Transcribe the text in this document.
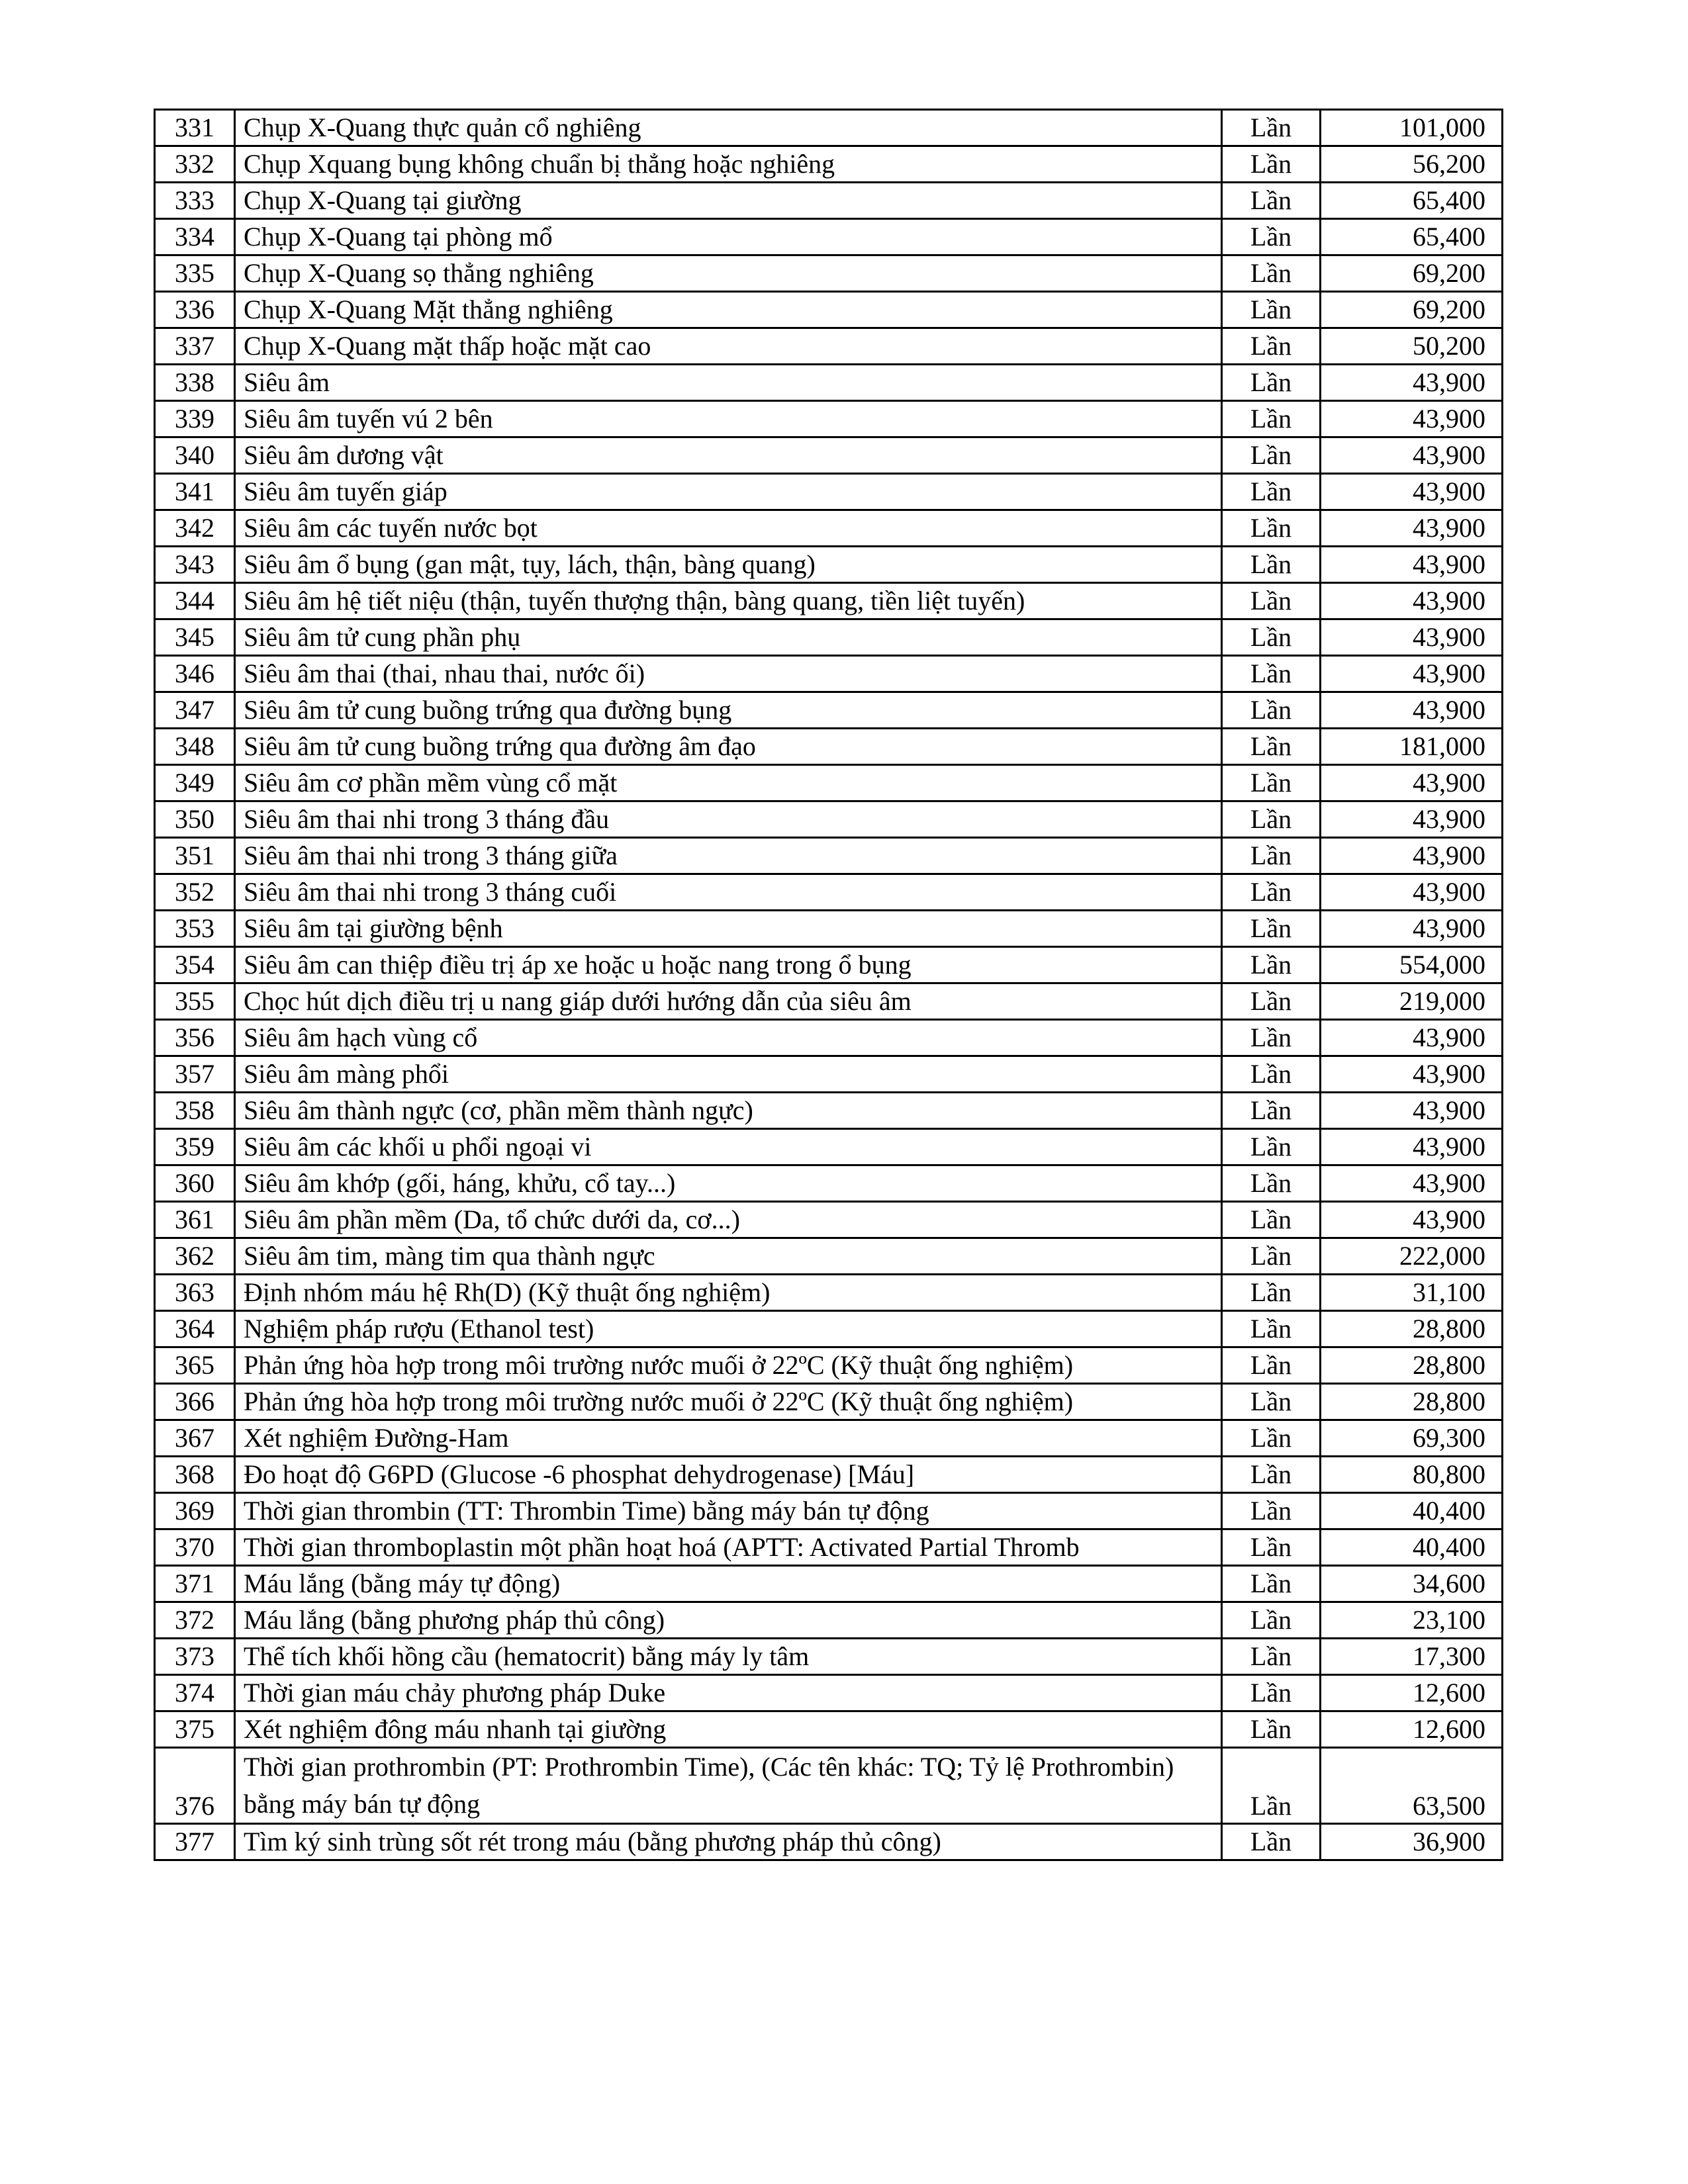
331	Chụp X-Quang thực quản cổ nghiêng	Lần	101,000
332	Chụp Xquang bụng không chuẩn bị thẳng hoặc nghiêng	Lần	56,200
333	Chụp X-Quang tại giường	Lần	65,400
334	Chụp X-Quang tại phòng mổ	Lần	65,400
335	Chụp X-Quang sọ thẳng nghiêng	Lần	69,200
336	Chụp X-Quang Mặt thẳng nghiêng	Lần	69,200
337	Chụp X-Quang mặt thấp hoặc mặt cao	Lần	50,200
338	Siêu âm	Lần	43,900
339	Siêu âm tuyến vú 2 bên	Lần	43,900
340	Siêu âm dương vật	Lần	43,900
341	Siêu âm tuyến giáp	Lần	43,900
342	Siêu âm các tuyến nước bọt	Lần	43,900
343	Siêu âm ổ bụng (gan mật, tụy, lách, thận, bàng quang)	Lần	43,900
344	Siêu âm hệ tiết niệu (thận, tuyến thượng thận, bàng quang, tiền liệt tuyến)	Lần	43,900
345	Siêu âm tử cung phần phụ	Lần	43,900
346	Siêu âm thai (thai, nhau thai, nước ối)	Lần	43,900
347	Siêu âm tử cung buồng trứng qua đường bụng	Lần	43,900
348	Siêu âm tử cung buồng trứng qua đường âm đạo	Lần	181,000
349	Siêu âm cơ phần mềm vùng cổ mặt	Lần	43,900
350	Siêu âm thai nhi trong 3 tháng đầu	Lần	43,900
351	Siêu âm thai nhi trong 3 tháng giữa	Lần	43,900
352	Siêu âm thai nhi trong 3 tháng cuối	Lần	43,900
353	Siêu âm tại giường bệnh	Lần	43,900
354	Siêu âm can thiệp điều trị áp xe hoặc u hoặc nang trong ổ bụng	Lần	554,000
355	Chọc hút dịch điều trị u nang giáp dưới hướng dẫn của siêu âm	Lần	219,000
356	Siêu âm hạch vùng cổ	Lần	43,900
357	Siêu âm màng phổi	Lần	43,900
358	Siêu âm thành ngực (cơ, phần mềm thành ngực)	Lần	43,900
359	Siêu âm các khối u phổi ngoại vi	Lần	43,900
360	Siêu âm khớp (gối, háng, khửu, cổ tay...)	Lần	43,900
361	Siêu âm phần mềm (Da, tổ chức dưới da, cơ...)	Lần	43,900
362	Siêu âm tim, màng tim qua thành ngực	Lần	222,000
363	Định nhóm máu hệ Rh(D) (Kỹ thuật ống nghiệm)	Lần	31,100
364	Nghiệm pháp rượu (Ethanol test)	Lần	28,800
365	Phản ứng hòa hợp trong môi trường nước muối ở 22ºC (Kỹ thuật ống nghiệm)	Lần	28,800
366	Phản ứng hòa hợp trong môi trường nước muối ở 22ºC (Kỹ thuật ống nghiệm)	Lần	28,800
367	Xét nghiệm Đường-Ham	Lần	69,300
368	Đo hoạt độ G6PD (Glucose -6 phosphat dehydrogenase) [Máu]	Lần	80,800
369	Thời gian thrombin (TT: Thrombin Time) bằng máy bán tự động	Lần	40,400
370	Thời gian thromboplastin một phần hoạt hoá (APTT: Activated Partial Thromb	Lần	40,400
371	Máu lắng (bằng máy tự động)	Lần	34,600
372	Máu lắng (bằng phương pháp thủ công)	Lần	23,100
373	Thể tích khối hồng cầu (hematocrit) bằng máy ly tâm	Lần	17,300
374	Thời gian máu chảy phương pháp Duke	Lần	12,600
375	Xét nghiệm đông máu nhanh tại giường	Lần	12,600
376	Thời gian prothrombin (PT: Prothrombin Time), (Các tên khác: TQ; Tỷ lệ Prothrombin) bằng máy bán tự động	Lần	63,500
377	Tìm ký sinh trùng sốt rét trong máu (bằng phương pháp thủ công)	Lần	36,900
